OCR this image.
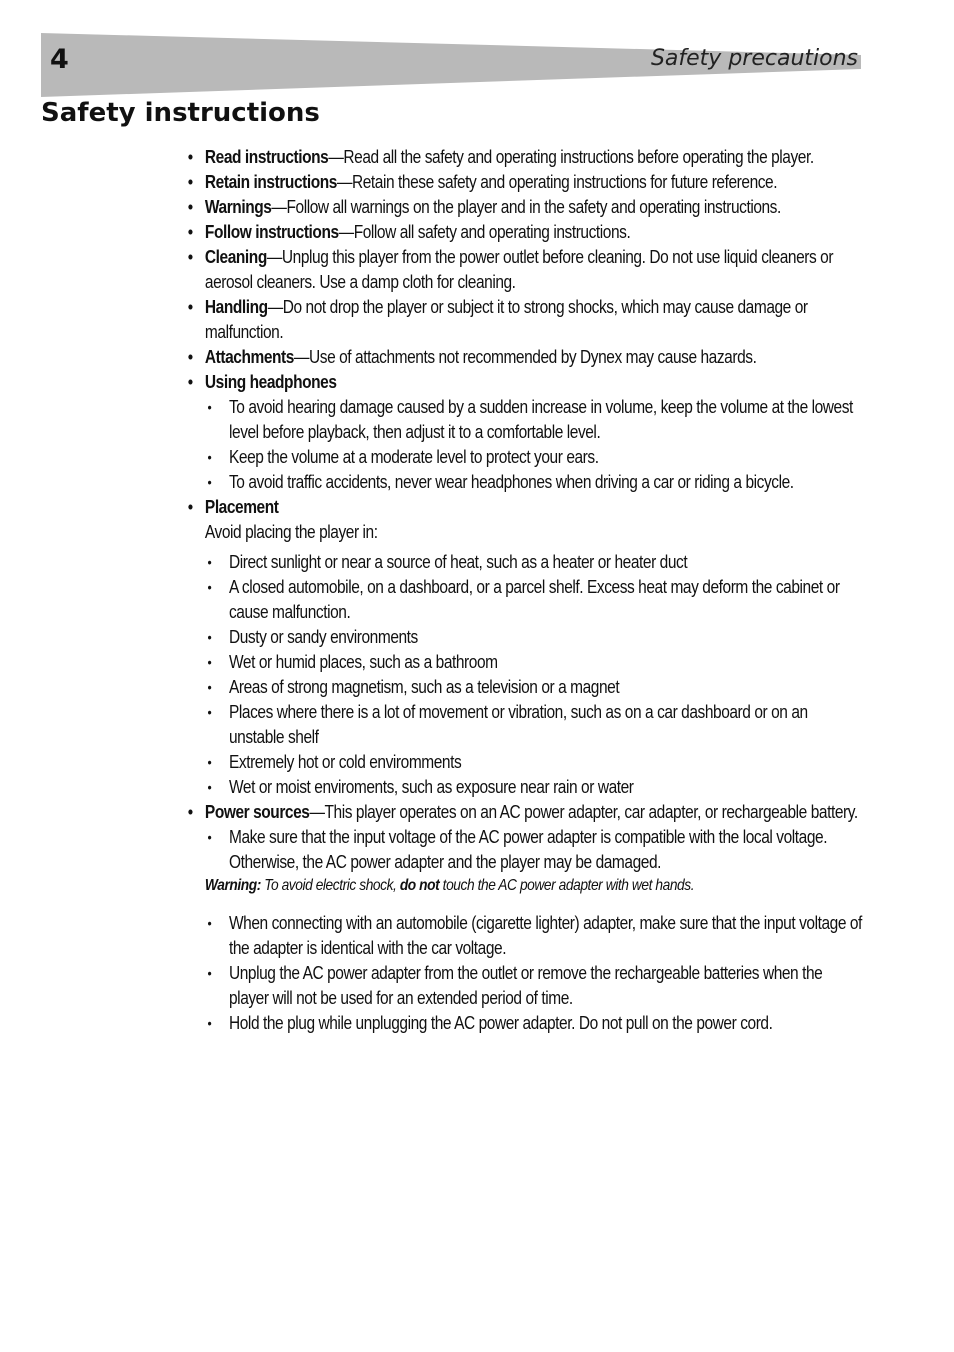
4	Safety precautions
Safety instructions
• Read instructions—Read all the safety and operating instructions before operating the player.
• Retain instructions—Retain these safety and operating instructions for future reference.
• Warnings—Follow all warnings on the player and in the safety and operating instructions.
• Follow instructions—Follow all safety and operating instructions.
• Cleaning—Unplug this player from the power outlet before cleaning. Do not use liquid cleaners or aerosol cleaners. Use a damp cloth for cleaning.
• Handling—Do not drop the player or subject it to strong shocks, which may cause damage or malfunction.
• Attachments—Use of attachments not recommended by Dynex may cause hazards.
• Using headphones
• To avoid hearing damage caused by a sudden increase in volume, keep the volume at the lowest level before playback, then adjust it to a comfortable level.
• Keep the volume at a moderate level to protect your ears.
• To avoid traffic accidents, never wear headphones when driving a car or riding a bicycle.
• Placement
Avoid placing the player in:
• Direct sunlight or near a source of heat, such as a heater or heater duct
• A closed automobile, on a dashboard, or a parcel shelf. Excess heat may deform the cabinet or cause malfunction.
• Dusty or sandy environments
• Wet or humid places, such as a bathroom
• Areas of strong magnetism, such as a television or a magnet
• Places where there is a lot of movement or vibration, such as on a car dashboard or on an unstable shelf
• Extremely hot or cold enviromments
• Wet or moist enviroments, such as exposure near rain or water
• Power sources—This player operates on an AC power adapter, car adapter, or rechargeable battery.
• Make sure that the input voltage of the AC power adapter is compatible with the local voltage. Otherwise, the AC power adapter and the player may be damaged.
Warning: To avoid electric shock, do not touch the AC power adapter with wet hands.
• When connecting with an automobile (cigarette lighter) adapter, make sure that the input voltage of the adapter is identical with the car voltage.
• Unplug the AC power adapter from the outlet or remove the rechargeable batteries when the player will not be used for an extended period of time.
• Hold the plug while unplugging the AC power adapter. Do not pull on the power cord.
